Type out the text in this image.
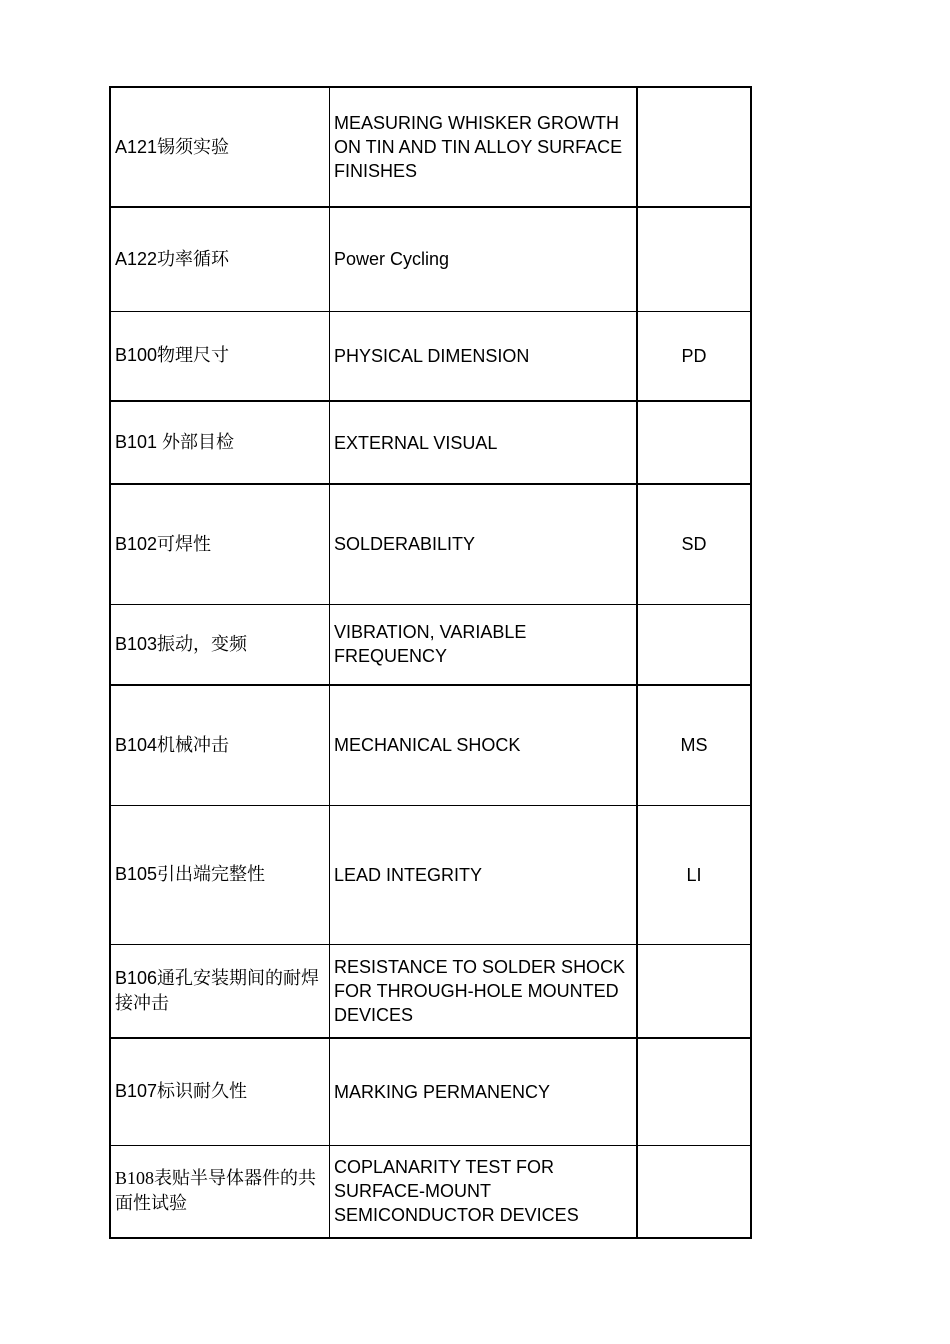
A121锡须实验	MEASURING WHISKER GROWTH ON TIN AND TIN ALLOY SURFACE FINISHES	
A122功率循环	Power Cycling	
B100物理尺寸	PHYSICAL DIMENSION	PD
B101 外部目检	EXTERNAL VISUAL	
B102可焊性	SOLDERABILITY	SD
B103振动，变频	VIBRATION, VARIABLE FREQUENCY	
B104机械冲击	MECHANICAL SHOCK	MS
B105引出端完整性	LEAD INTEGRITY	LI
B106通孔安装期间的耐焊接冲击	RESISTANCE TO SOLDER SHOCK FOR THROUGH-HOLE MOUNTED DEVICES	
B107标识耐久性	MARKING PERMANENCY	
B108表贴半导体器件的共面性试验	COPLANARITY TEST FOR SURFACE-MOUNT SEMICONDUCTOR DEVICES	
